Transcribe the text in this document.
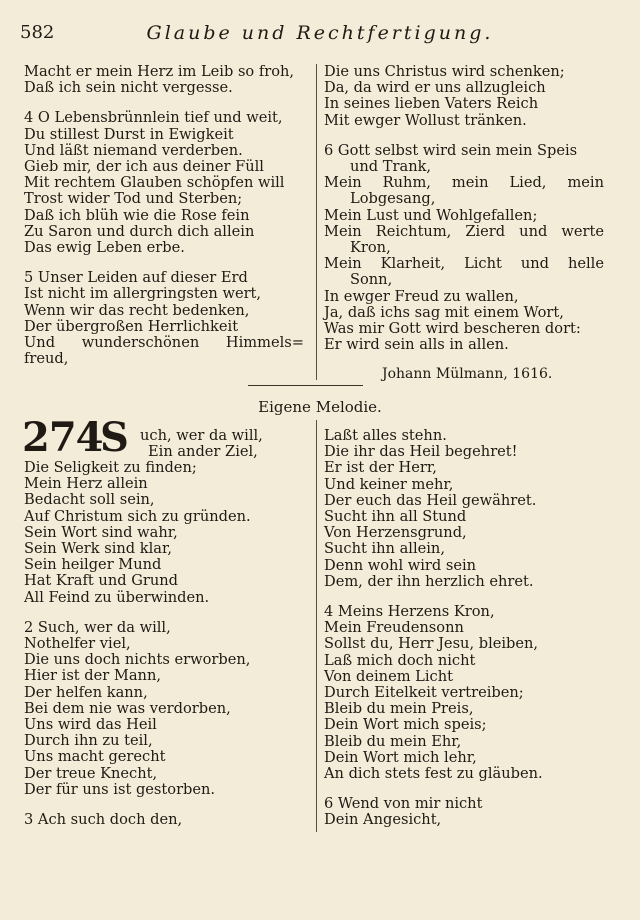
582	Glaube und Rechtfertigung.
Macht er mein Herz im Leib so froh,
Daß ich sein nicht vergesse.
4 O Lebensbrünnlein tief und weit,
Du stillest Durst in Ewigkeit
Und läßt niemand verderben.
Gieb mir, der ich aus deiner Füll
Mit rechtem Glauben schöpfen will
Trost wider Tod und Sterben;
Daß ich blüh wie die Rose fein
Zu Saron und durch dich allein
Das ewig Leben erbe.
5 Unser Leiden auf dieser Erd
Ist nicht im allergringsten wert,
Wenn wir das recht bedenken,
Der übergroßen Herrlichkeit
Und wunderschönen Himmels=
freud,
Die uns Christus wird schenken;
Da, da wird er uns allzugleich
In seines lieben Vaters Reich
Mit ewger Wollust tränken.
6 Gott selbst wird sein mein Speis
und Trank,
Mein Ruhm, mein Lied, mein
Lobgesang,
Mein Lust und Wohlgefallen;
Mein Reichtum, Zierd und werte
Kron,
Mein Klarheit, Licht und helle
Sonn,
In ewger Freud zu wallen,
Ja, daß ichs sag mit einem Wort,
Was mir Gott wird bescheren dort:
Er wird sein alls in allen.
Johann Mülmann, 1616.
Eigene Melodie.
274
S uch, wer da will,
Ein ander Ziel,
Die Seligkeit zu finden;
Mein Herz allein
Bedacht soll sein,
Auf Christum sich zu gründen.
Sein Wort sind wahr,
Sein Werk sind klar,
Sein heilger Mund
Hat Kraft und Grund
All Feind zu überwinden.
2 Such, wer da will,
Nothelfer viel,
Die uns doch nichts erworben,
Hier ist der Mann,
Der helfen kann,
Bei dem nie was verdorben,
Uns wird das Heil
Durch ihn zu teil,
Uns macht gerecht
Der treue Knecht,
Der für uns ist gestorben.
3 Ach such doch den,
Laßt alles stehn.
Die ihr das Heil begehret!
Er ist der Herr,
Und keiner mehr,
Der euch das Heil gewähret.
Sucht ihn all Stund
Von Herzensgrund,
Sucht ihn allein,
Denn wohl wird sein
Dem, der ihn herzlich ehret.
4 Meins Herzens Kron,
Mein Freudensonn
Sollst du, Herr Jesu, bleiben,
Laß mich doch nicht
Von deinem Licht
Durch Eitelkeit vertreiben;
Bleib du mein Preis,
Dein Wort mich speis;
Bleib du mein Ehr,
Dein Wort mich lehr,
An dich stets fest zu gläuben.
6 Wend von mir nicht
Dein Angesicht,
